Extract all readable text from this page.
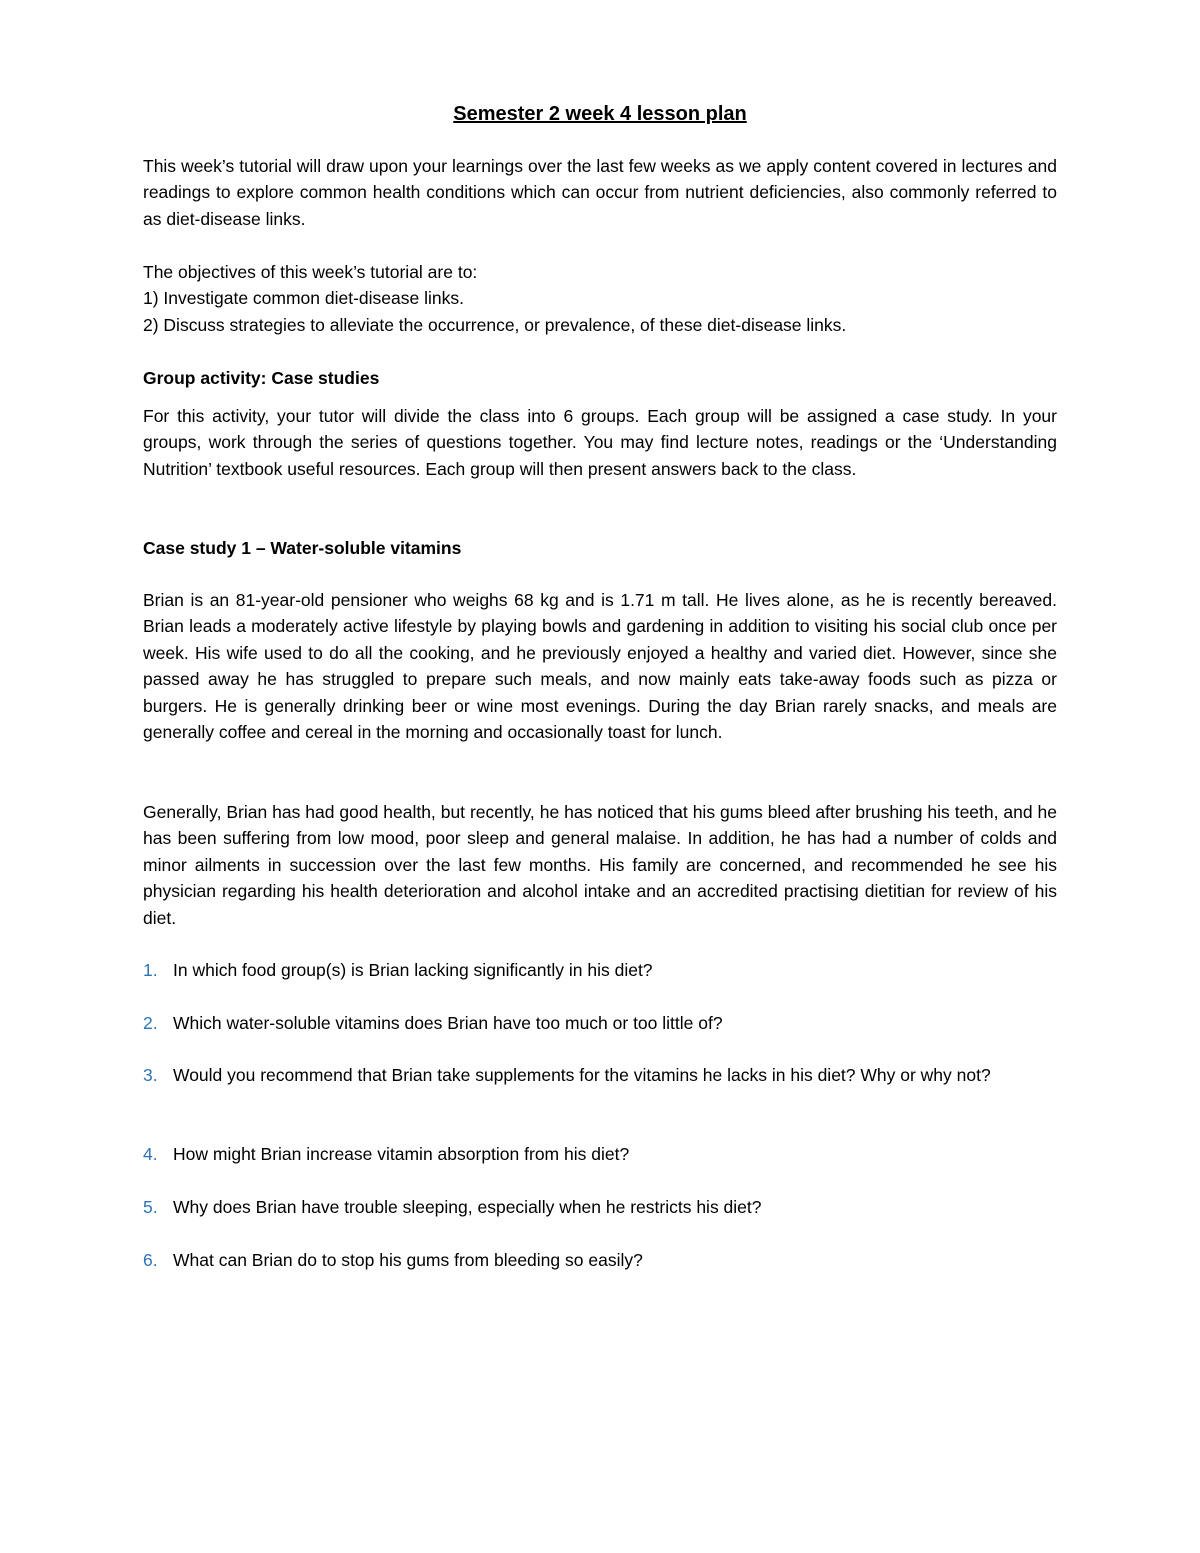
Semester 2 week 4 lesson plan

This week’s tutorial will draw upon your learnings over the last few weeks as we apply content covered in lectures and readings to explore common health conditions which can occur from nutrient deficiencies, also commonly referred to as diet-disease links.

The objectives of this week’s tutorial are to:
1) Investigate common diet-disease links.
2) Discuss strategies to alleviate the occurrence, or prevalence, of these diet-disease links.

Group activity: Case studies

For this activity, your tutor will divide the class into 6 groups. Each group will be assigned a case study. In your groups, work through the series of questions together. You may find lecture notes, readings or the ‘Understanding Nutrition’ textbook useful resources. Each group will then present answers back to the class.

Case study 1 – Water-soluble vitamins

Brian is an 81-year-old pensioner who weighs 68 kg and is 1.71 m tall. He lives alone, as he is recently bereaved. Brian leads a moderately active lifestyle by playing bowls and gardening in addition to visiting his social club once per week. His wife used to do all the cooking, and he previously enjoyed a healthy and varied diet. However, since she passed away he has struggled to prepare such meals, and now mainly eats take-away foods such as pizza or burgers. He is generally drinking beer or wine most evenings. During the day Brian rarely snacks, and meals are generally coffee and cereal in the morning and occasionally toast for lunch.

Generally, Brian has had good health, but recently, he has noticed that his gums bleed after brushing his teeth, and he has been suffering from low mood, poor sleep and general malaise. In addition, he has had a number of colds and minor ailments in succession over the last few months. His family are concerned, and recommended he see his physician regarding his health deterioration and alcohol intake and an accredited practising dietitian for review of his diet.

1. In which food group(s) is Brian lacking significantly in his diet?

2. Which water-soluble vitamins does Brian have too much or too little of?

3. Would you recommend that Brian take supplements for the vitamins he lacks in his diet? Why or why not?

4. How might Brian increase vitamin absorption from his diet?

5. Why does Brian have trouble sleeping, especially when he restricts his diet?

6. What can Brian do to stop his gums from bleeding so easily?
